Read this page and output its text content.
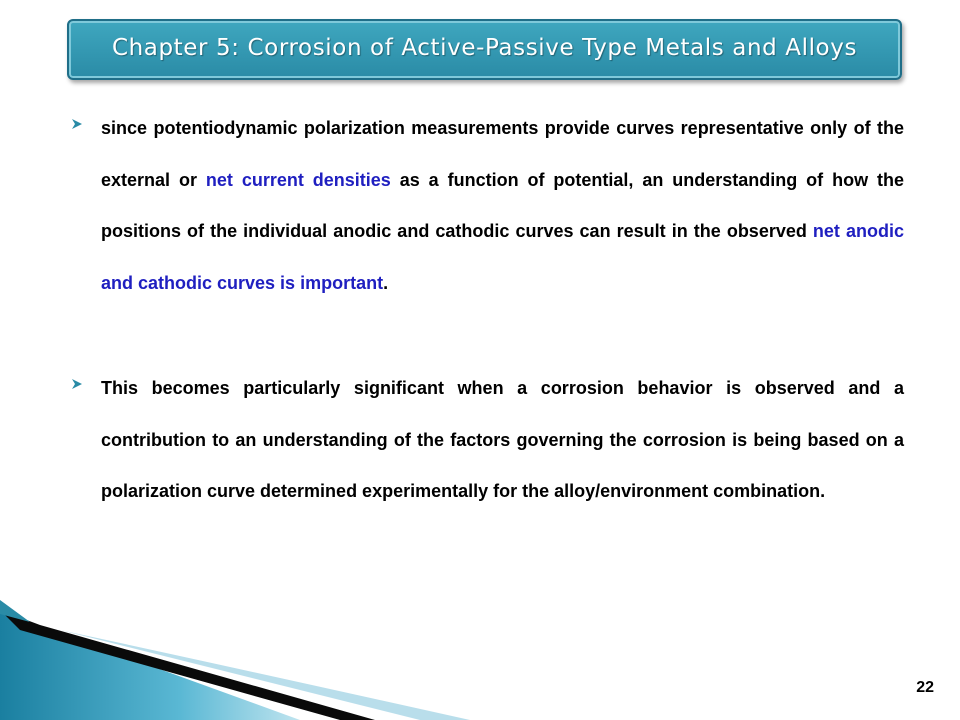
Chapter 5: Corrosion of Active-Passive Type Metals and Alloys
since potentiodynamic polarization measurements provide curves representative only of the external or net current densities as a function of potential, an understanding of how the positions of the individual anodic and cathodic curves can result in the observed net anodic and cathodic curves is important.
This becomes particularly significant when a corrosion behavior is observed and a contribution to an understanding of the factors governing the corrosion is being based on a polarization curve determined experimentally for the alloy/environment combination.
22
